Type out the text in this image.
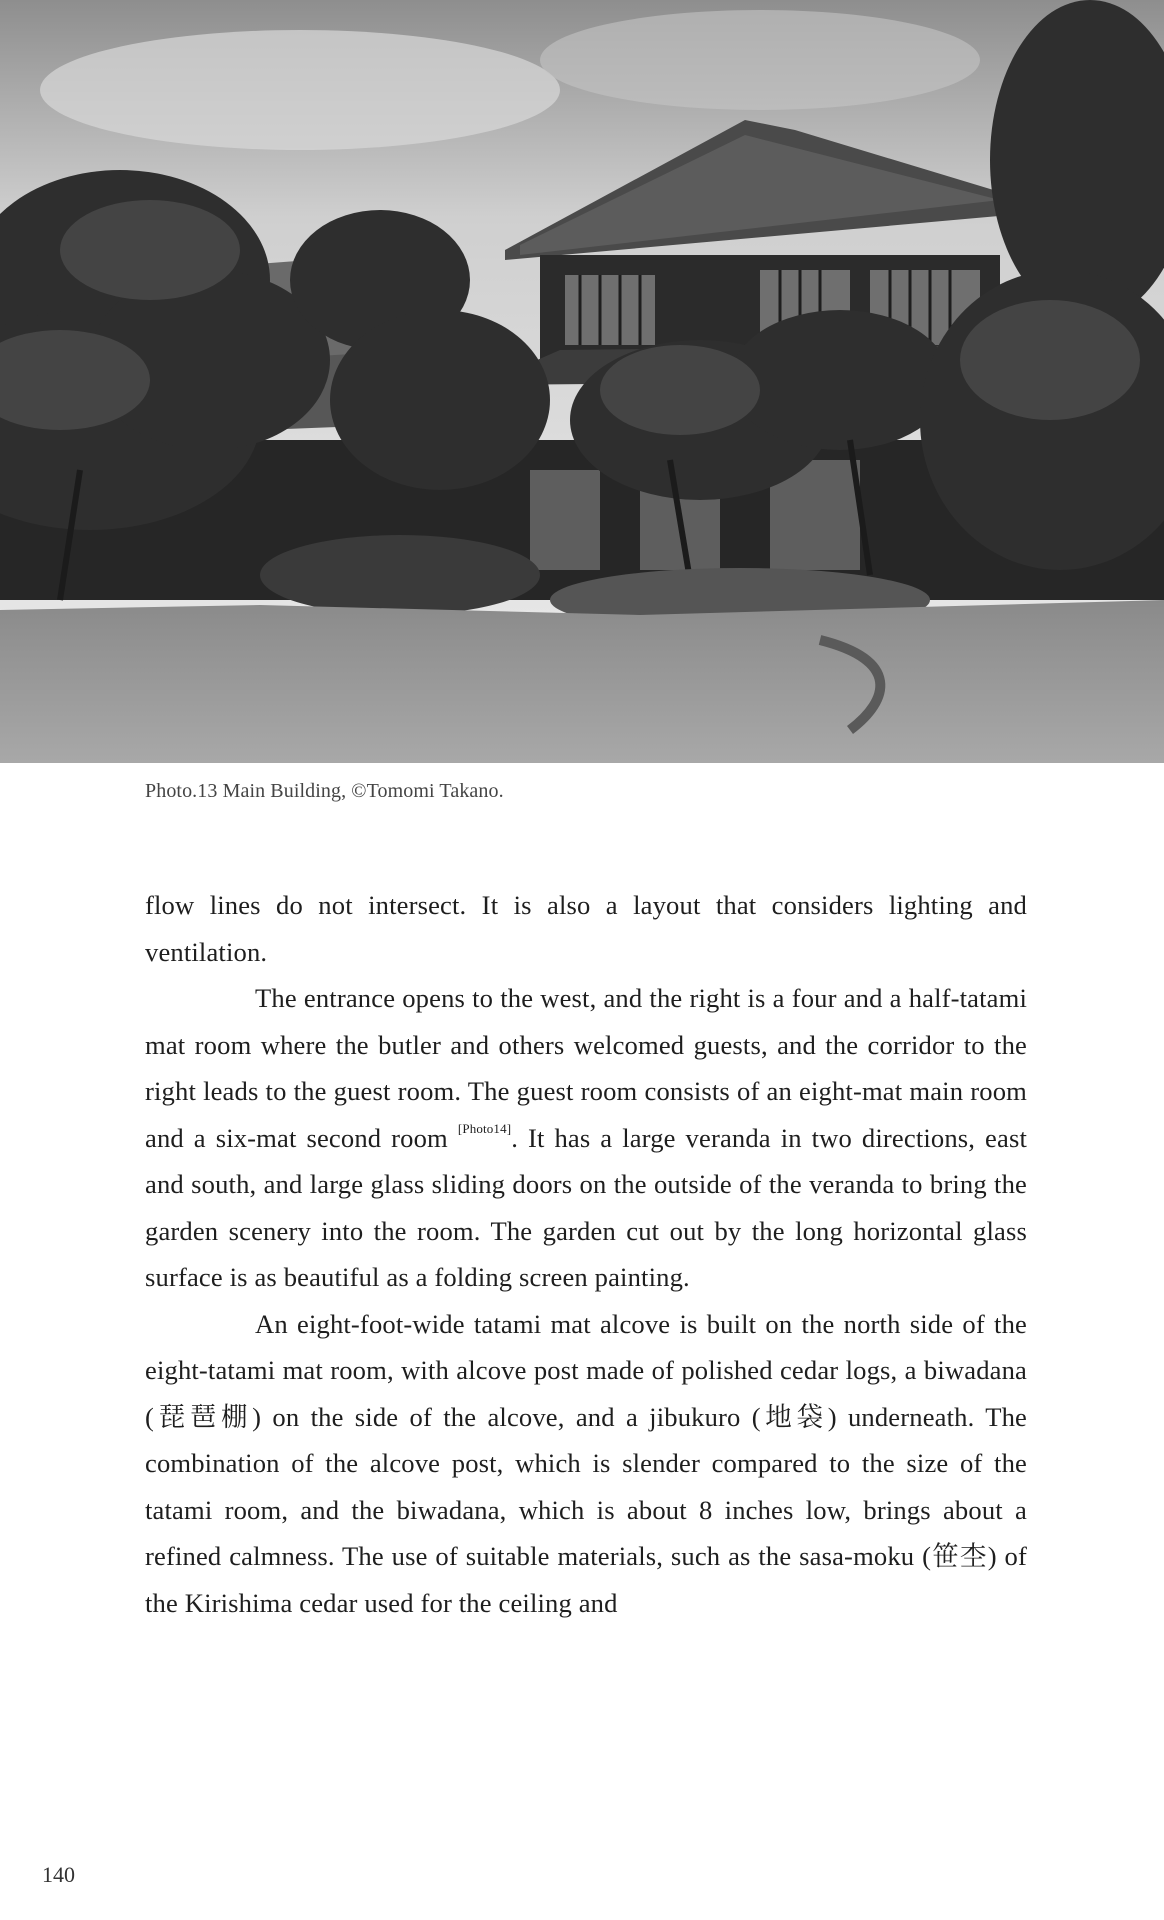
Photo.13 Main Building, ©Tomomi Takano.

flow lines do not intersect. It is also a layout that considers lighting and ventilation.

The entrance opens to the west, and the right is a four and a half-tatami mat room where the butler and others welcomed guests, and the corridor to the right leads to the guest room. The guest room consists of an eight-mat main room and a six-mat second room [Photo14]. It has a large veranda in two directions, east and south, and large glass sliding doors on the outside of the veranda to bring the garden scenery into the room. The garden cut out by the long horizontal glass surface is as beautiful as a folding screen painting.

An eight-foot-wide tatami mat alcove is built on the north side of the eight-tatami mat room, with alcove post made of polished cedar logs, a biwadana (琵琶棚) on the side of the alcove, and a jibukuro (地袋) underneath. The combination of the alcove post, which is slender compared to the size of the tatami room, and the biwadana, which is about 8 inches low, brings about a refined calmness. The use of suitable materials, such as the sasa-moku (笹杢) of the Kirishima cedar used for the ceiling and

140
